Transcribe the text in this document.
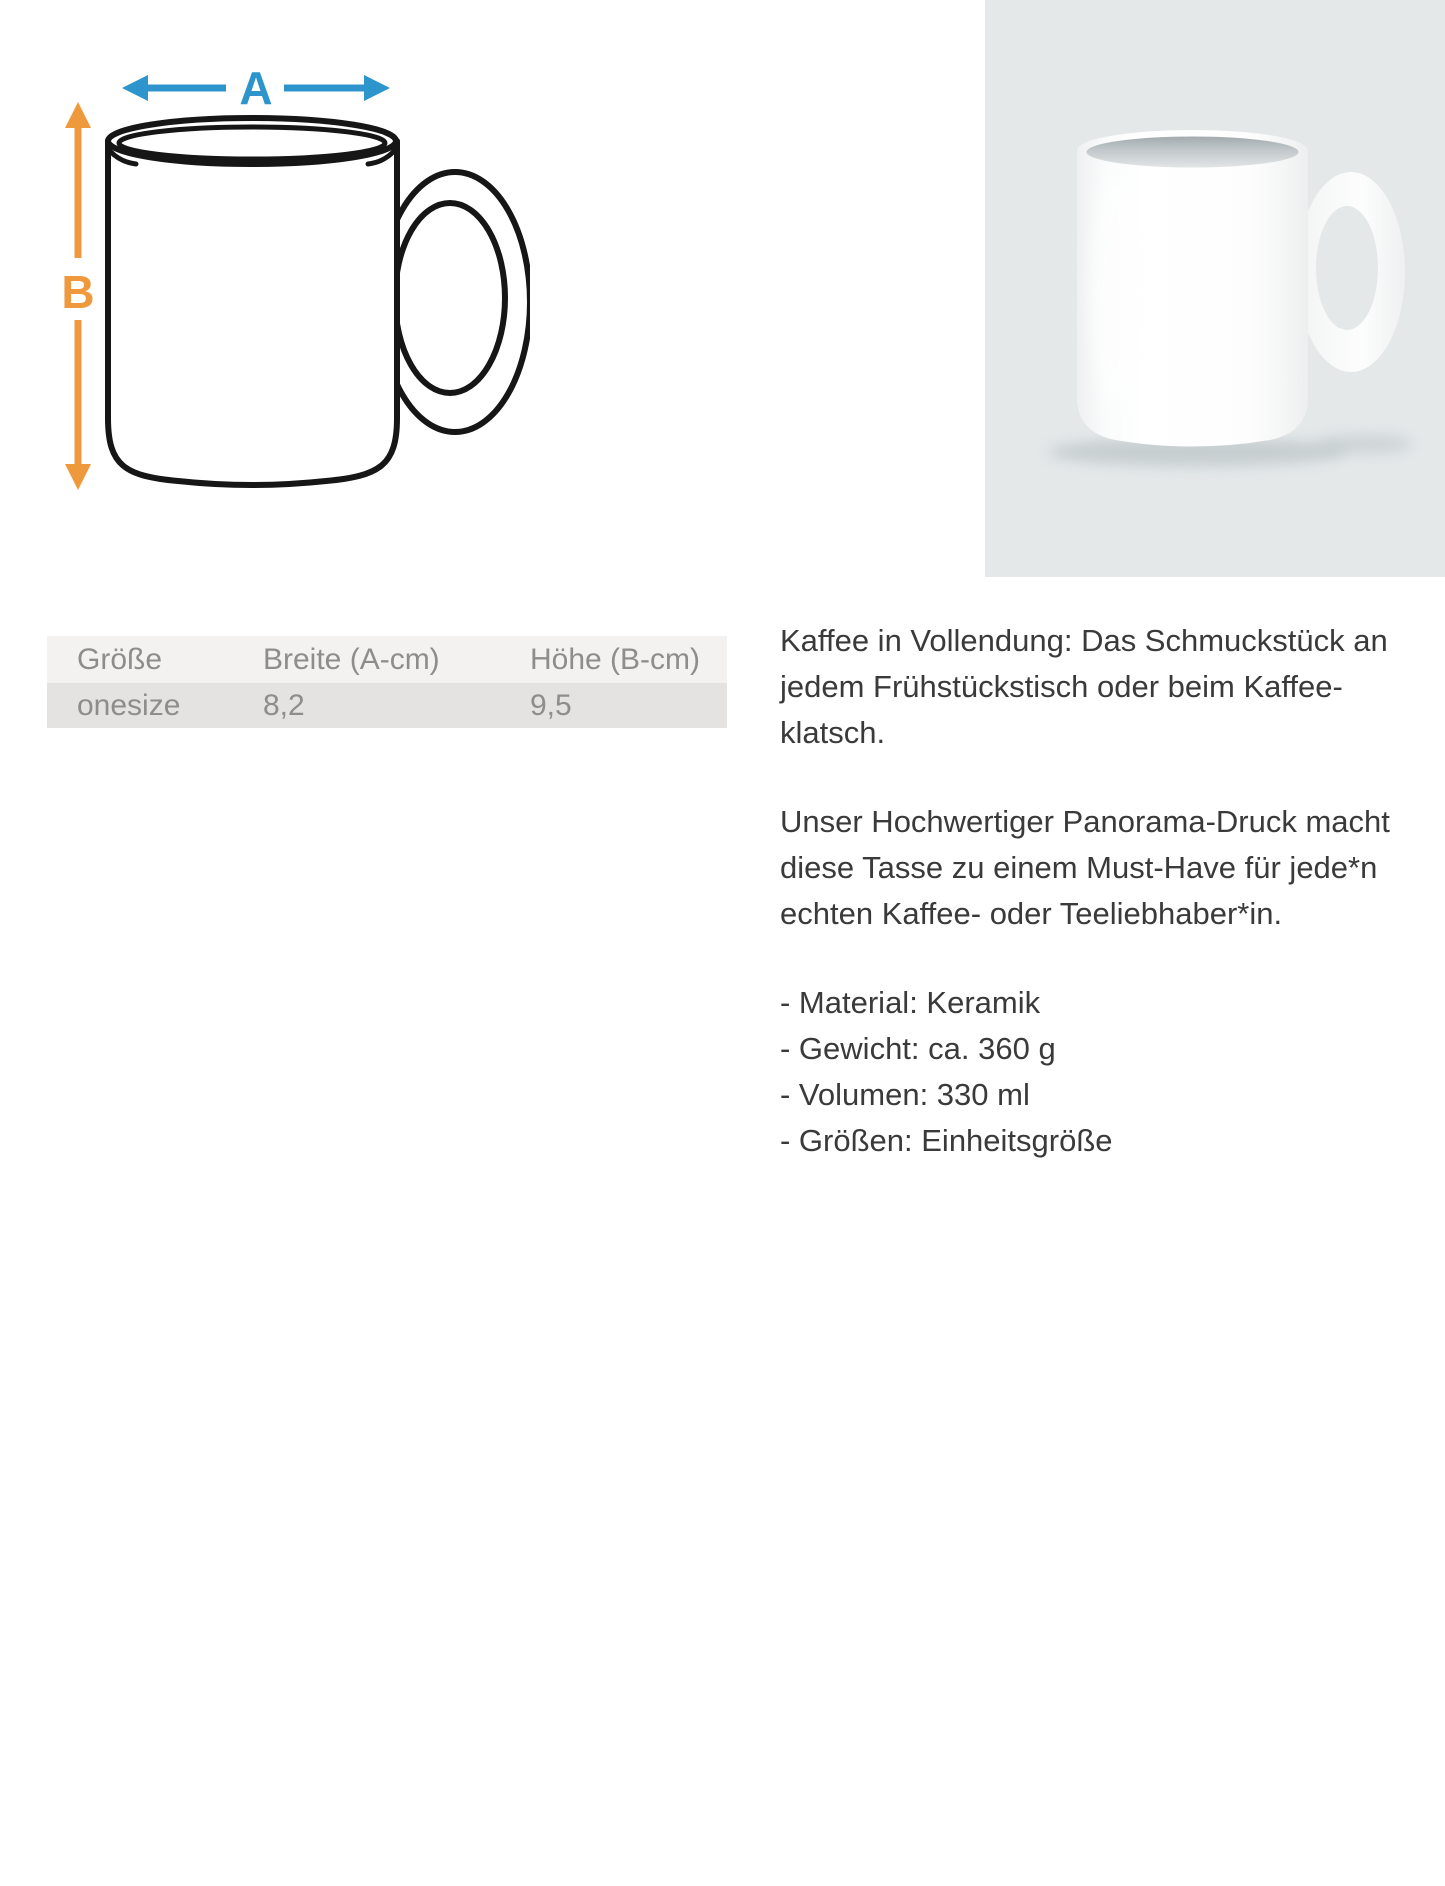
A
B
Größe	Breite (A-cm)	Höhe (B-cm)
onesize	8,2	9,5
Kaffee in Vollendung: Das Schmuckstück an
jedem Frühstückstisch oder beim Kaffee-
klatsch.
Unser Hochwertiger Panorama-Druck macht
diese Tasse zu einem Must-Have für jede*n
echten Kaffee- oder Teeliebhaber*in.
- Material: Keramik
- Gewicht: ca. 360 g
- Volumen: 330 ml
- Größen: Einheitsgröße
